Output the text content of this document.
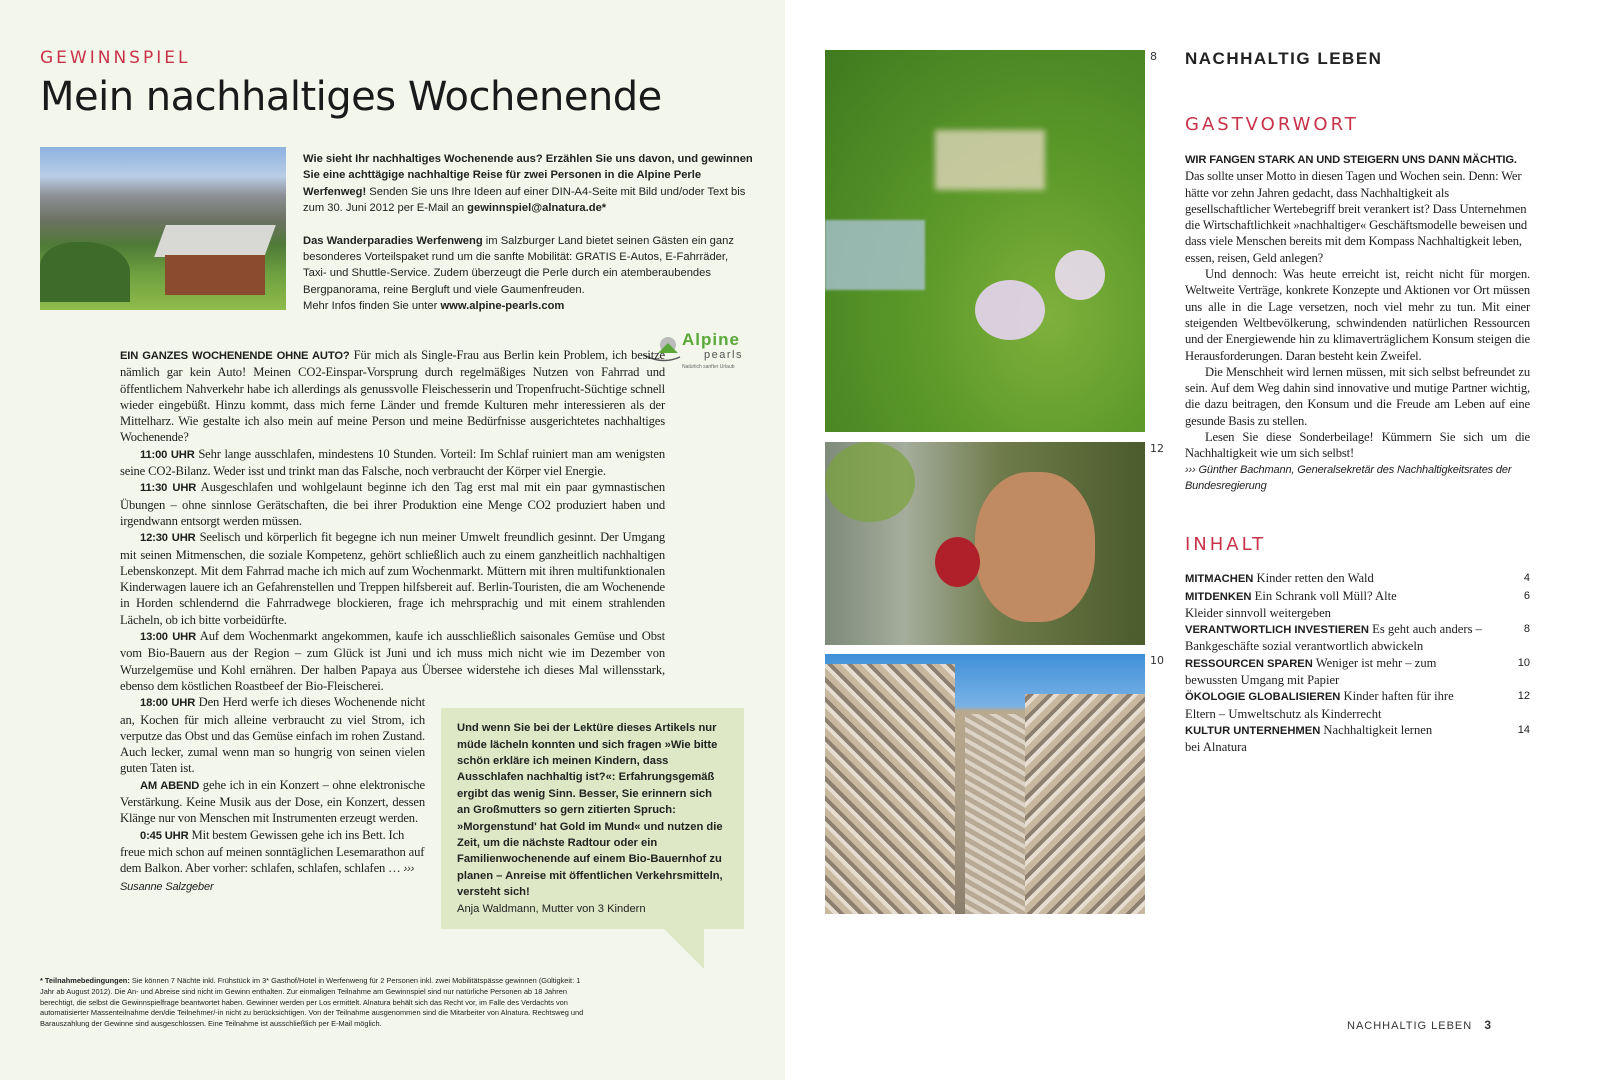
GEWINNSPIEL
Mein nachhaltiges Wochenende

Wie sieht Ihr nachhaltiges Wochenende aus? Erzählen Sie uns davon, und gewinnen Sie eine achttägige nachhaltige Reise für zwei Personen in die Alpine Perle Werfenweg! Senden Sie uns Ihre Ideen auf einer DIN-A4-Seite mit Bild und/oder Text bis zum 30. Juni 2012 per E-Mail an gewinnspiel@alnatura.de*

Das Wanderparadies Werfenweng im Salzburger Land bietet seinen Gästen ein ganz besonderes Vorteilspaket rund um die sanfte Mobilität: GRATIS E-Autos, E-Fahrräder, Taxi- und Shuttle-Service. Zudem überzeugt die Perle durch ein atemberaubendes Bergpanorama, reine Bergluft und viele Gaumenfreuden.
Mehr Infos finden Sie unter www.alpine-pearls.com

Alpine
pearls
Natürlich sanfter Urlaub

EIN GANZES WOCHENENDE OHNE AUTO? Für mich als Single-Frau aus Berlin kein Problem, ich besitze nämlich gar kein Auto! Meinen CO2-Einspar-Vorsprung durch regelmäßiges Nutzen von Fahrrad und öffentlichem Nahverkehr habe ich allerdings als genussvolle Fleischesserin und Tropenfrucht-Süchtige schnell wieder eingebüßt. Hinzu kommt, dass mich ferne Länder und fremde Kulturen mehr interessieren als der Mittelharz. Wie gestalte ich also mein auf meine Person und meine Bedürfnisse ausgerichtetes nachhaltiges Wochenende?

11:00 UHR Sehr lange ausschlafen, mindestens 10 Stunden. Vorteil: Im Schlaf ruiniert man am wenigsten seine CO2-Bilanz. Weder isst und trinkt man das Falsche, noch verbraucht der Körper viel Energie.

11:30 UHR Ausgeschlafen und wohlgelaunt beginne ich den Tag erst mal mit ein paar gymnastischen Übungen – ohne sinnlose Gerätschaften, die bei ihrer Produktion eine Menge CO2 produziert haben und irgendwann entsorgt werden müssen.

12:30 UHR Seelisch und körperlich fit begegne ich nun meiner Umwelt freundlich gesinnt. Der Umgang mit seinen Mitmenschen, die soziale Kompetenz, gehört schließlich auch zu einem ganzheitlich nachhaltigen Lebenskonzept. Mit dem Fahrrad mache ich mich auf zum Wochenmarkt. Müttern mit ihren multifunktionalen Kinderwagen lauere ich an Gefahrenstellen und Treppen hilfsbereit auf. Berlin-Touristen, die am Wochenende in Horden schlendernd die Fahrradwege blockieren, frage ich mehrsprachig und mit einem strahlenden Lächeln, ob ich bitte vorbeidürfte.

13:00 UHR Auf dem Wochenmarkt angekommen, kaufe ich ausschließlich saisonales Gemüse und Obst vom Bio-Bauern aus der Region – zum Glück ist Juni und ich muss mich nicht wie im Dezember von Wurzelgemüse und Kohl ernähren. Der halben Papaya aus Übersee widerstehe ich dieses Mal willensstark, ebenso dem köstlichen Roastbeef der Bio-Fleischerei.

18:00 UHR Den Herd werfe ich dieses Wochenende nicht an, Kochen für mich alleine verbraucht zu viel Strom, ich verputze das Obst und das Gemüse einfach im rohen Zustand. Auch lecker, zumal wenn man so hungrig von seinen vielen guten Taten ist.

AM ABEND gehe ich in ein Konzert – ohne elektronische Verstärkung. Keine Musik aus der Dose, ein Konzert, dessen Klänge nur von Menschen mit Instrumenten erzeugt werden.

0:45 UHR Mit bestem Gewissen gehe ich ins Bett. Ich freue mich schon auf meinen sonntäglichen Lesemarathon auf dem Balkon. Aber vorher: schlafen, schlafen, schlafen … ››› Susanne Salzgeber

Und wenn Sie bei der Lektüre dieses Artikels nur müde lächeln konnten und sich fragen »Wie bitte schön erkläre ich meinen Kindern, dass Ausschlafen nachhaltig ist?«: Erfahrungsgemäß ergibt das wenig Sinn. Besser, Sie erinnern sich an Großmutters so gern zitierten Spruch: »Morgenstund' hat Gold im Mund« und nutzen die Zeit, um die nächste Radtour oder ein Familienwochenende auf einem Bio-Bauernhof zu planen – Anreise mit öffentlichen Verkehrsmitteln, versteht sich!
Anja Waldmann, Mutter von 3 Kindern
* Teilnahmebedingungen: Sie können 7 Nächte inkl. Frühstück im 3* Gasthof/Hotel in Werfenweng für 2 Personen inkl. zwei Mobilitätspässe gewinnen (Gültigkeit: 1 Jahr ab August 2012). Die An- und Abreise sind nicht im Gewinn enthalten. Zur einmaligen Teilnahme am Gewinnspiel sind nur natürliche Personen ab 18 Jahren berechtigt, die selbst die Gewinnspielfrage beantwortet haben. Gewinner werden per Los ermittelt. Alnatura behält sich das Recht vor, im Falle des Verdachts von automatisierter Massenteilnahme den/die Teilnehmer/-in nicht zu berücksichtigen. Von der Teilnahme ausgenommen sind die Mitarbeiter von Alnatura. Rechtsweg und Barauszahlung der Gewinne sind ausgeschlossen. Eine Teilnahme ist ausschließlich per E-Mail möglich.
8
12
10
NACHHALTIG LEBEN
GASTVORWORT

WIR FANGEN STARK AN UND STEIGERN UNS DANN MÄCHTIG. Das sollte unser Motto in diesen Tagen und Wochen sein. Denn: Wer hätte vor zehn Jahren gedacht, dass Nachhaltigkeit als gesellschaftlicher Wertebegriff breit verankert ist? Dass Unternehmen die Wirtschaftlichkeit »nachhaltiger« Geschäftsmodelle beweisen und dass viele Menschen bereits mit dem Kompass Nachhaltigkeit leben, essen, reisen, Geld anlegen?

Und dennoch: Was heute erreicht ist, reicht nicht für morgen. Weltweite Verträge, konkrete Konzepte und Aktionen vor Ort müssen uns alle in die Lage versetzen, noch viel mehr zu tun. Mit einer steigenden Weltbevölkerung, schwindenden natürlichen Ressourcen und der Energiewende hin zu klimaverträglichem Konsum steigen die Herausforderungen. Daran besteht kein Zweifel.

Die Menschheit wird lernen müssen, mit sich selbst befreundet zu sein. Auf dem Weg dahin sind innovative und mutige Partner wichtig, die dazu beitragen, den Konsum und die Freude am Leben auf eine gesunde Basis zu stellen.

Lesen Sie diese Sonderbeilage! Kümmern Sie sich um die Nachhaltigkeit wie um sich selbst!

››› Günther Bachmann, Generalsekretär des Nachhaltigkeitsrates der Bundesregierung

INHALT
MITMACHEN Kinder retten den Wald	4
MITDENKEN Ein Schrank voll Müll? Alte Kleider sinnvoll weitergeben
6
VERANTWORTLICH INVESTIEREN Es geht auch anders – Bankgeschäfte sozial verantwortlich abwickeln
8
RESSOURCEN SPAREN Weniger ist mehr – zum bewussten Umgang mit Papier
10
ÖKOLOGIE GLOBALISIEREN Kinder haften für ihre Eltern – Umweltschutz als Kinderrecht
12
KULTUR UNTERNEHMEN Nachhaltigkeit lernen bei Alnatura
14
NACHHALTIG LEBEN 3
